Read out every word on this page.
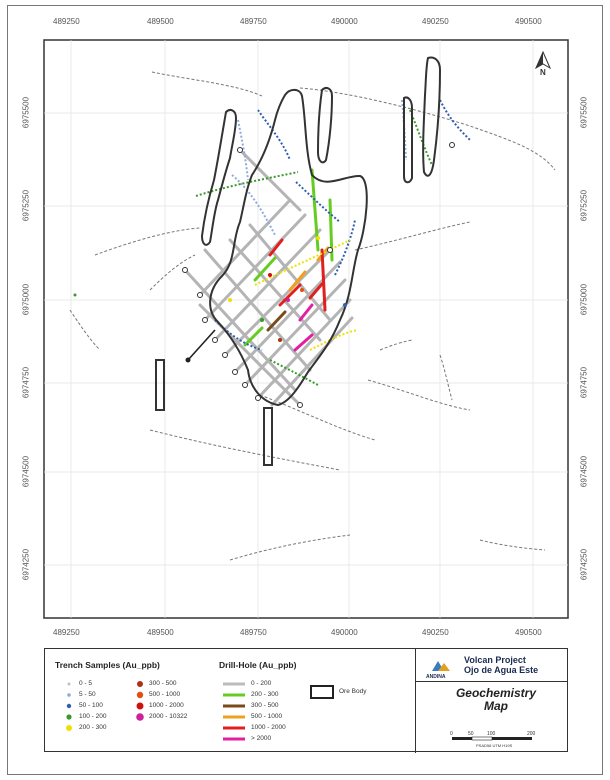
N
489250	489500	489750	490000	490250	490500
489250	489500	489750	490000	490250	490500
6975500
6975250
6975000
6974750
6974500
6974250
6975500
6975250
6975000
6974750
6974500
6974250
Trench Samples (Au_ppb)	Drill-Hole (Au_ppb)
0 - 5
5 - 50
50 - 100
100 - 200
200 - 300
300 - 500
500 - 1000
1000 - 2000
2000 - 10322
0 - 200
200 - 300
300 - 500
500 - 1000
1000 - 2000
> 2000
Ore Body
ANDINA
Volcan Project
Ojo de Agua Este
Geochemistry
Map
0	50	100	200
PSAD56 UTM H19S
